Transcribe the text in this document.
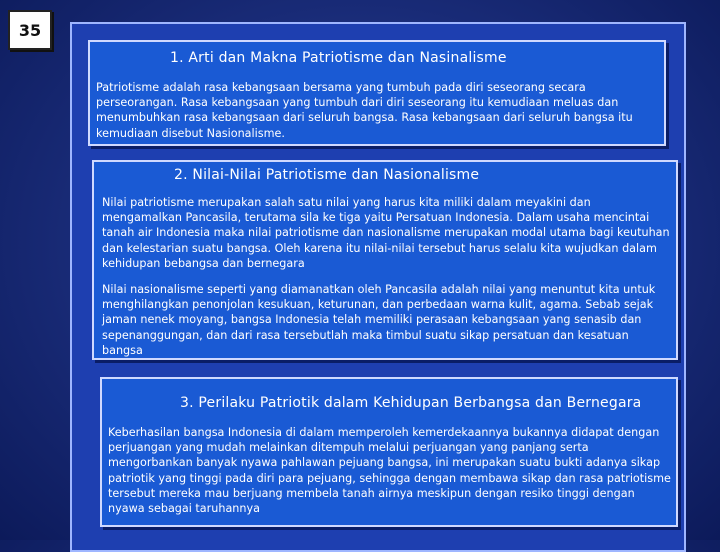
35
1. Arti dan Makna Patriotisme dan Nasinalisme

Patriotisme adalah rasa kebangsaan bersama yang tumbuh pada diri seseorang secara perseorangan. Rasa kebangsaan yang tumbuh dari diri seseorang itu kemudiaan meluas dan menumbuhkan rasa kebangsaan dari seluruh bangsa. Rasa kebangsaan dari seluruh bangsa itu kemudiaan disebut Nasionalisme.

2. Nilai-Nilai Patriotisme dan Nasionalisme

Nilai patriotisme merupakan salah satu nilai yang harus kita miliki dalam meyakini dan mengamalkan Pancasila, terutama sila ke tiga yaitu Persatuan Indonesia. Dalam usaha mencintai tanah air Indonesia maka nilai patriotisme dan nasionalisme merupakan modal utama bagi keutuhan dan kelestarian suatu bangsa. Oleh karena itu nilai-nilai tersebut harus selalu kita wujudkan dalam kehidupan bebangsa dan bernegara

Nilai nasionalisme seperti yang diamanatkan oleh Pancasila adalah nilai yang menuntut kita untuk menghilangkan penonjolan kesukuan, keturunan, dan perbedaan warna kulit, agama. Sebab sejak jaman nenek moyang, bangsa Indonesia telah memiliki perasaan kebangsaan yang senasib dan sepenanggungan, dan dari rasa tersebutlah maka timbul suatu sikap persatuan dan kesatuan bangsa

3. Perilaku Patriotik dalam Kehidupan Berbangsa dan Bernegara

Keberhasilan bangsa Indonesia di dalam memperoleh kemerdekaannya bukannya didapat dengan perjuangan yang mudah melainkan ditempuh melalui perjuangan yang panjang serta mengorbankan banyak nyawa pahlawan pejuang bangsa, ini merupakan suatu bukti adanya sikap patriotik yang tinggi pada diri para pejuang, sehingga dengan membawa sikap dan rasa patriotisme tersebut mereka mau berjuang membela tanah airnya meskipun dengan resiko tinggi dengan nyawa sebagai taruhannya
